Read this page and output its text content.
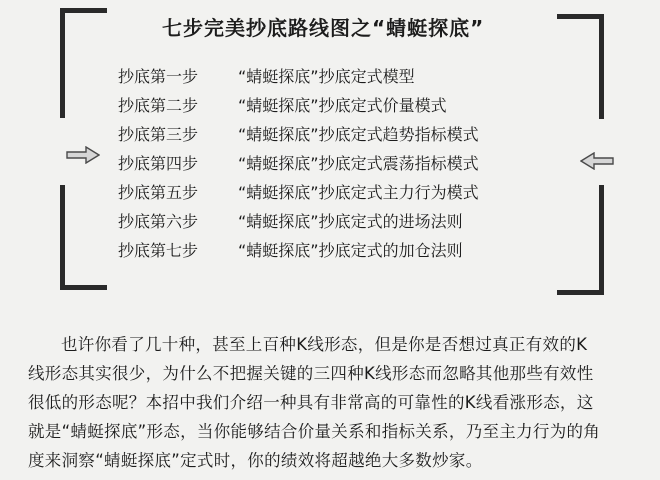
七步完美抄底路线图之“蜻蜓探底”
抄底第一步 “蜻蜓探底”抄底定式模型
抄底第二步 “蜻蜓探底”抄底定式价量模式
抄底第三步 “蜻蜓探底”抄底定式趋势指标模式
抄底第四步 “蜻蜓探底”抄底定式震荡指标模式
抄底第五步 “蜻蜓探底”抄底定式主力行为模式
抄底第六步 “蜻蜓探底”抄底定式的进场法则
抄底第七步 “蜻蜓探底”抄底定式的加仓法则
也许你看了几十种，甚至上百种K线形态，但是你是否想过真正有效的K
线形态其实很少，为什么不把握关键的三四种K线形态而忽略其他那些有效性
很低的形态呢？本招中我们介绍一种具有非常高的可靠性的K线看涨形态，这
就是“蜻蜓探底”形态，当你能够结合价量关系和指标关系，乃至主力行为的角
度来洞察“蜻蜓探底”定式时，你的绩效将超越绝大多数炒家。
